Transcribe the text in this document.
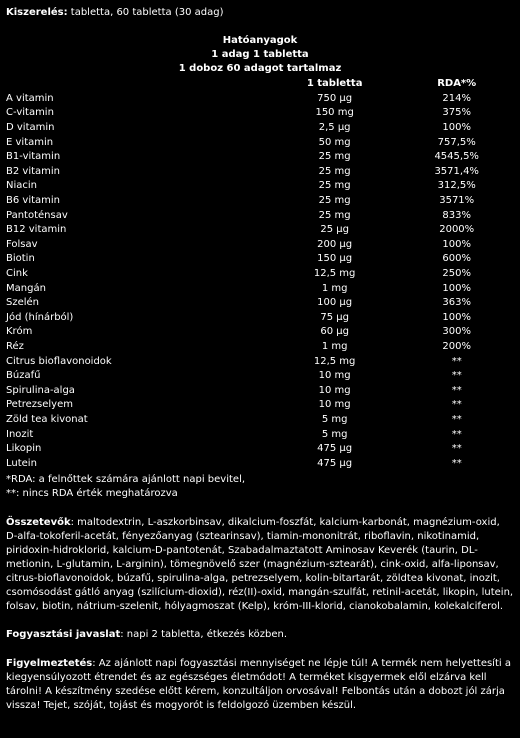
Kiszerelés: tabletta, 60 tabletta (30 adag)

Hatóanyagok
1 adag 1 tabletta
1 doboz 60 adagot tartalmaz
	1 tabletta	RDA*%
A vitamin	750 µg	214%
C-vitamin	150 mg	375%
D vitamin	2,5 µg	100%
E vitamin	50 mg	757,5%
B1-vitamin	25 mg	4545,5%
B2 vitamin	25 mg	3571,4%
Niacin	25 mg	312,5%
B6 vitamin	25 mg	3571%
Pantoténsav	25 mg	833%
B12 vitamin	25 µg	2000%
Folsav	200 µg	100%
Biotin	150 µg	600%
Cink	12,5 mg	250%
Mangán	1 mg	100%
Szelén	100 µg	363%
Jód (hínárból)	75 µg	100%
Króm	60 µg	300%
Réz	1 mg	200%
Citrus bioflavonoidok	12,5 mg	**
Búzafű	10 mg	**
Spirulina-alga	10 mg	**
Petrezselyem	10 mg	**
Zöld tea kivonat	5 mg	**
Inozit	5 mg	**
Likopin	475 µg	**
Lutein	475 µg	**
*RDA: a felnőttek számára ajánlott napi bevitel,
**: nincs RDA érték meghatározva

Összetevők: maltodextrin, L-aszkorbinsav, dikalcium-foszfát, kalcium-karbonát, magnézium-oxid, D-alfa-tokoferil-acetát, fényezőanyag (sztearinsav), tiamin-mononitrát, riboflavin, nikotinamid, piridoxin-hidroklorid, kalcium-D-pantotenát, Szabadalmaztatott Aminosav Keverék (taurin, DL-metionin, L-glutamin, L-arginin), tömegnövelő szer (magnézium-sztearát), cink-oxid, alfa-liponsav, citrus-bioflavonoidok, búzafű, spirulina-alga, petrezselyem, kolin-bitartarát, zöldtea kivonat, inozit, csomósodást gátló anyag (szilícium-dioxid), réz(II)-oxid, mangán-szulfát, retinil-acetát, likopin, lutein, folsav, biotin, nátrium-szelenit, hólyagmoszat (Kelp), króm-III-klorid, cianokobalamin, kolekalciferol.

Fogyasztási javaslat: napi 2 tabletta, étkezés közben.

Figyelmeztetés: Az ajánlott napi fogyasztási mennyiséget ne lépje túl! A termék nem helyettesíti a kiegyensúlyozott étrendet és az egészséges életmódot! A terméket kisgyermek elől elzárva kell tárolni! A készítmény szedése előtt kérem, konzultáljon orvosával! Felbontás után a dobozt jól zárja vissza! Tejet, szóját, tojást és mogyorót is feldolgozó üzemben készül.
